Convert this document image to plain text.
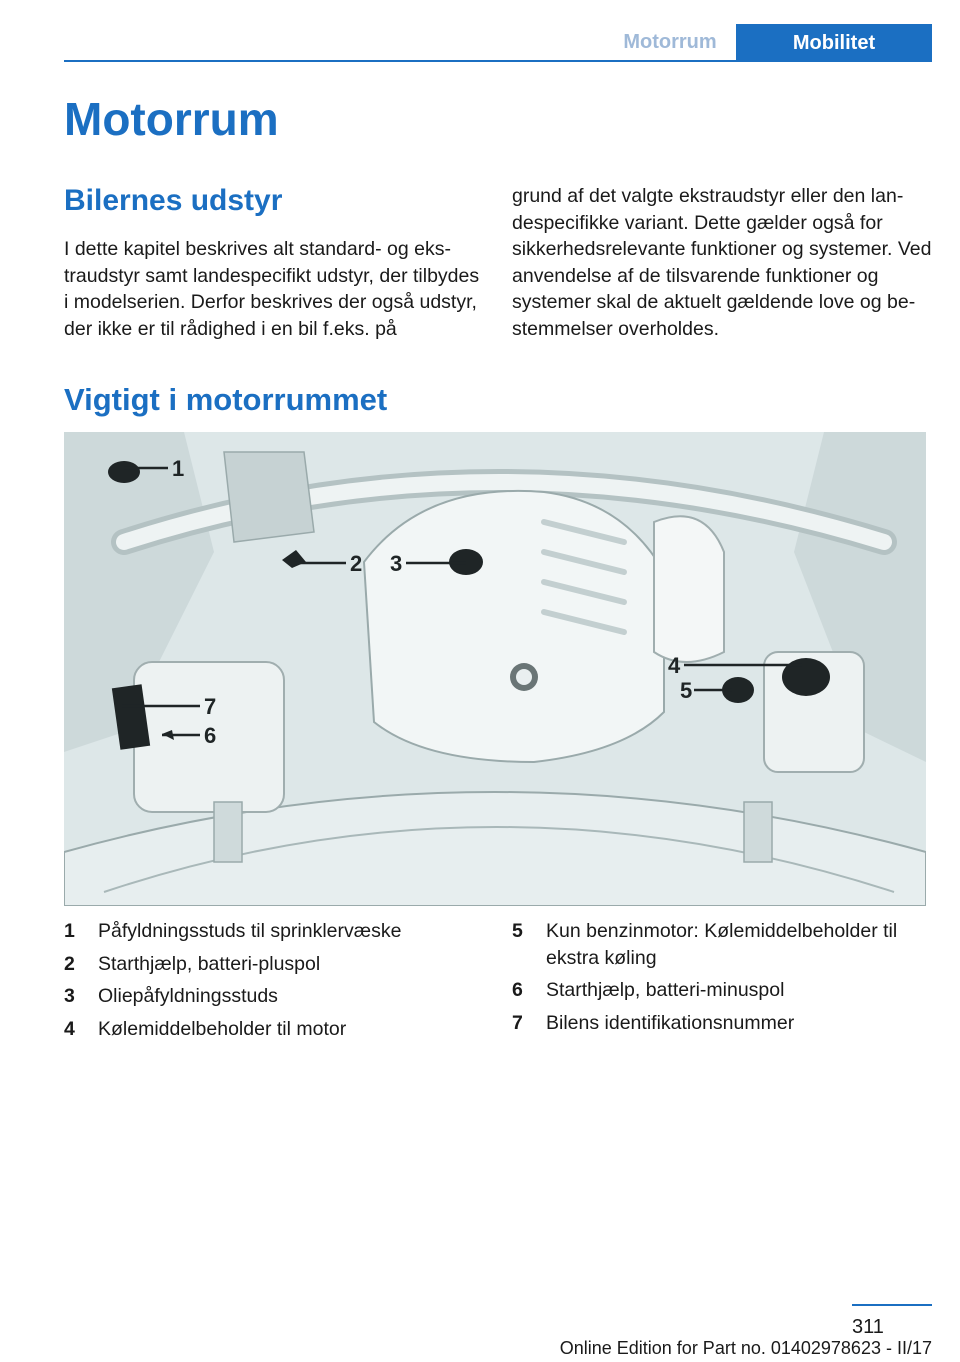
Motorrum	Mobilitet
Motorrum
Bilernes udstyr

I dette kapitel beskrives alt standard- og ekstraudstyr samt landespecifikt udstyr, der tilbydes i modelserien. Derfor beskrives der også udstyr, der ikke er til rådighed i en bil f.eks. på

grund af det valgte ekstraudstyr eller den landespecifikke variant. Dette gælder også for sikkerhedsrelevante funktioner og systemer. Ved anvendelse af de tilsvarende funktioner og systemer skal de aktuelt gældende love og bestemmelser overholdes.

Vigtigt i motorrummet
1
2 3
4
5
6
7
1	Påfyldningsstuds til sprinklervæske
2	Starthjælp, batteri-pluspol
3	Oliepåfyldningsstuds
4	Kølemiddelbeholder til motor
5	Kun benzinmotor: Kølemiddelbeholder til ekstra køling
6	Starthjælp, batteri-minuspol
7	Bilens identifikationsnummer
311
Online Edition for Part no. 01402978623 - II/17
